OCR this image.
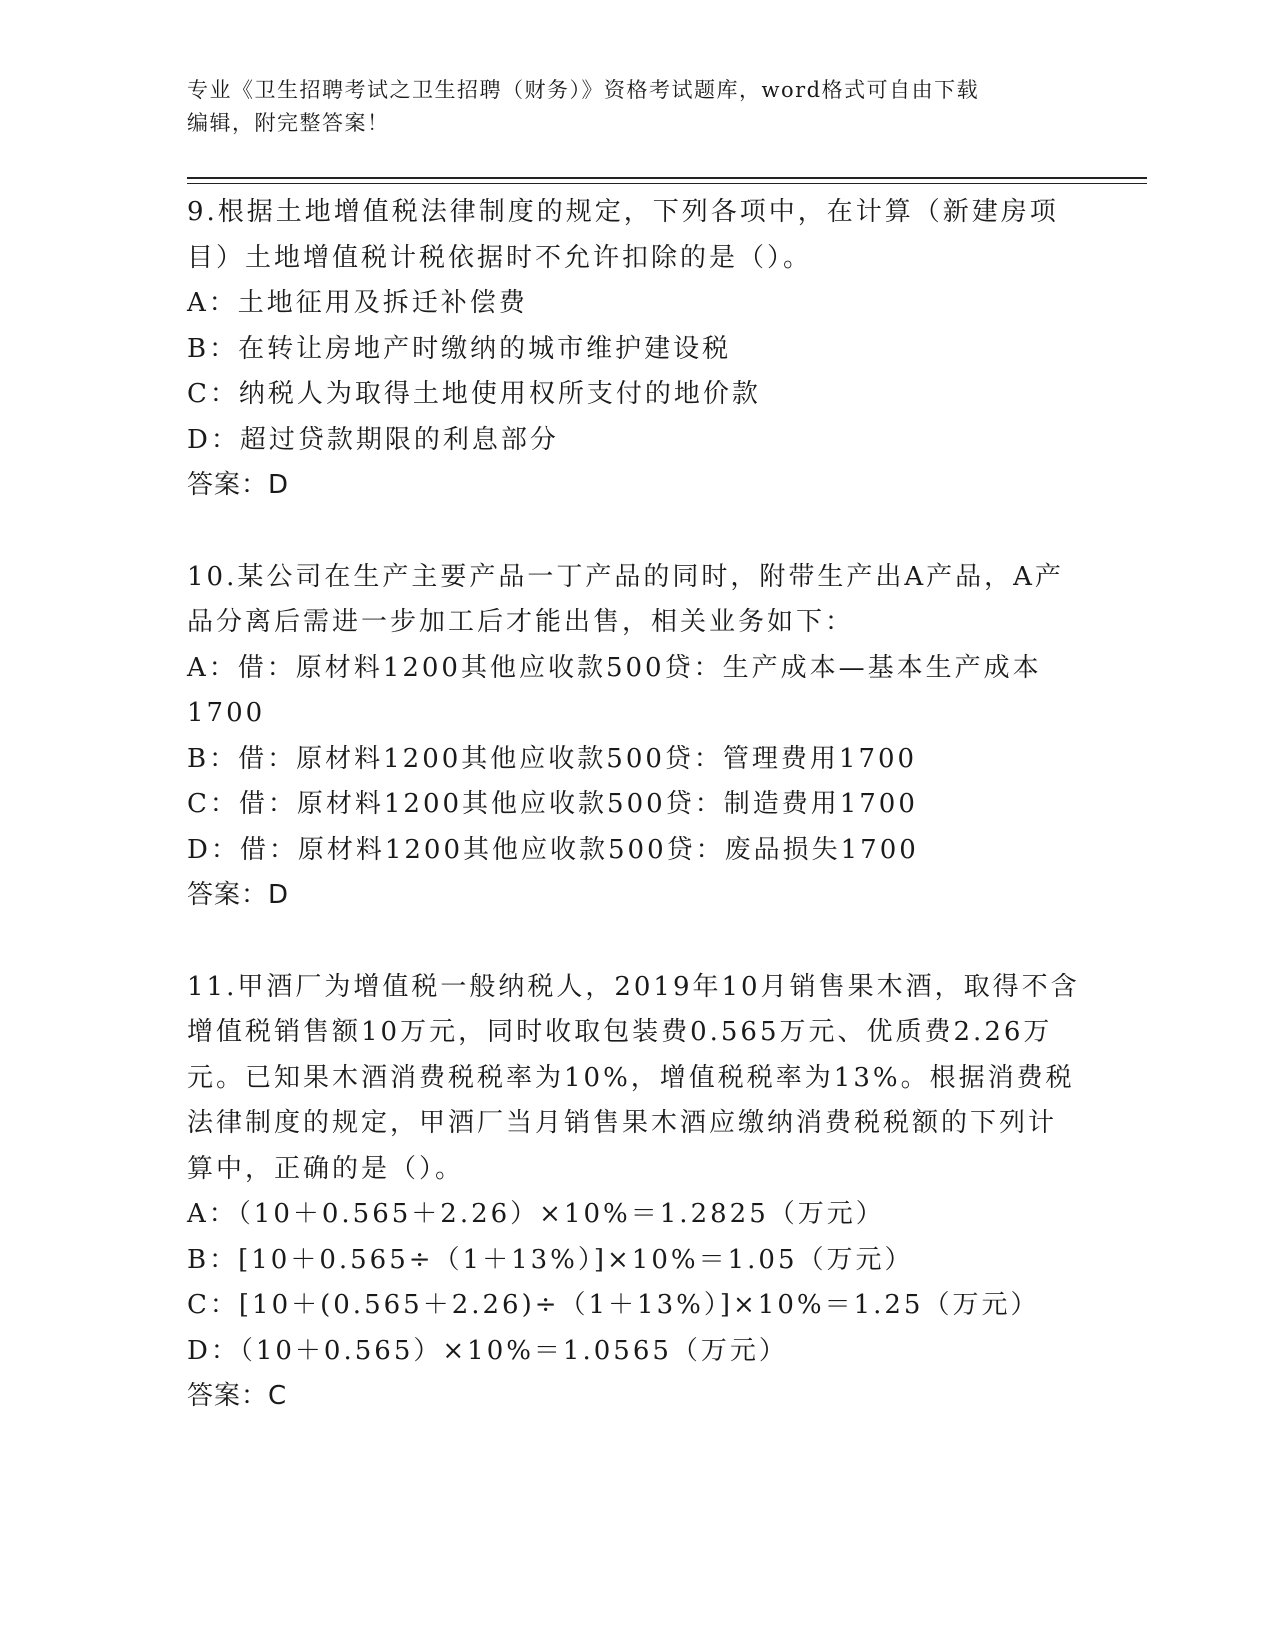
专业《卫生招聘考试之卫生招聘（财务）》资格考试题库，word格式可自由下载
编辑，附完整答案！

9.根据土地增值税法律制度的规定，下列各项中，在计算（新建房项
目）土地增值税计税依据时不允许扣除的是（）。

A：土地征用及拆迁补偿费

B：在转让房地产时缴纳的城市维护建设税

C：纳税人为取得土地使用权所支付的地价款

D：超过贷款期限的利息部分

答案：D

10.某公司在生产主要产品一丁产品的同时，附带生产出A产品，A产
品分离后需进一步加工后才能出售，相关业务如下：

A：借：原材料1200其他应收款500贷：生产成本—基本生产成本
1700

B：借：原材料1200其他应收款500贷：管理费用1700

C：借：原材料1200其他应收款500贷：制造费用1700

D：借：原材料1200其他应收款500贷：废品损失1700

答案：D

11.甲酒厂为增值税一般纳税人，2019年10月销售果木酒，取得不含
增值税销售额10万元，同时收取包装费0.565万元、优质费2.26万
元。已知果木酒消费税税率为10%，增值税税率为13%。根据消费税
法律制度的规定，甲酒厂当月销售果木酒应缴纳消费税税额的下列计
算中，正确的是（）。

A：（10＋0.565＋2.26）×10%＝1.2825（万元）

B：[10＋0.565÷（1＋13%）]×10%＝1.05（万元）

C：[10＋(0.565＋2.26)÷（1＋13%）]×10%＝1.25（万元）

D：（10＋0.565）×10%＝1.0565（万元）

答案：C
